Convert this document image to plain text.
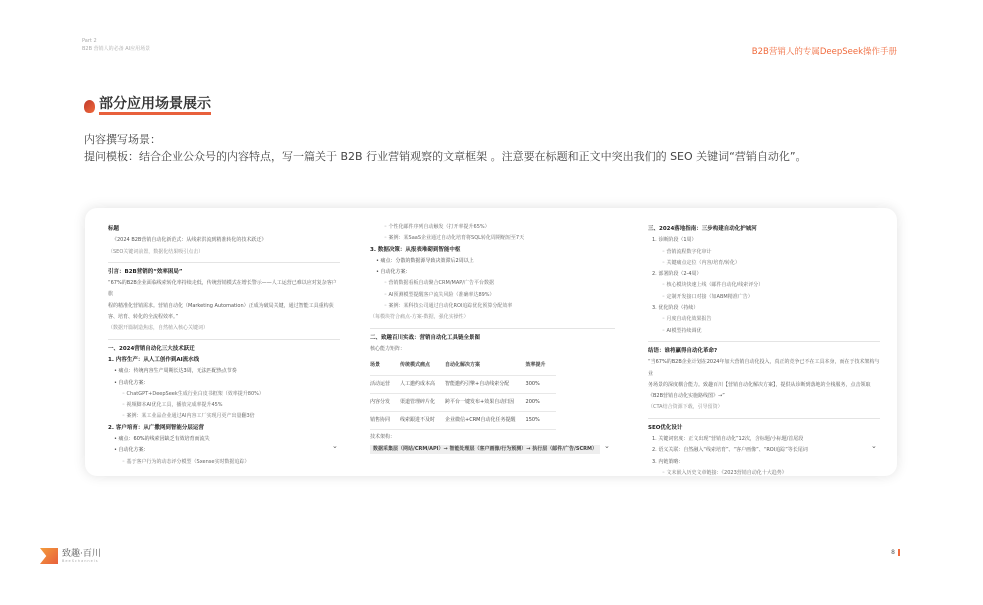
Part 2
B2B 营销人的必备 AI应用场景	B2B营销人的专属DeepSeek操作手册
部分应用场景展示
内容撰写场景：
提问模板：结合企业公众号的内容特点，写一篇关于 B2B 行业营销观察的文章框架 。注意要在标题和正文中突出我们的 SEO 关键词“营销自动化”。
标题
《2024 B2B营销自动化新范式：从线索洪流到精准转化的技术跃迁》
（SEO关键词前置，数据化结果吸引点击）
引言：B2B营销的“效率困局”
“67%的B2B企业面临线索转化率持续走低，传统营销模式在增长警示——人工运营已难以应对复杂客户旅
程的精准化营销需求。营销自动化（Marketing Automation）正成为破局关键，通过智能工具重构获
客、培育、转化的全流程效率。”
（数据开篇制造焦虑，自然植入核心关键词）
一、2024营销自动化三大技术跃迁
1. 内容生产：从人工创作到AI流水线
• 痛点：传统内容生产周期长达3周，无法匹配热点节奏
• 自动化方案：
◦ ChatGPT+DeepSeek生成行业白皮书框架（效率提升80%）
◦ 视频脚本AI优化工具，播放完成率提升45%
◦ 案例：某工业品企业通过AI内容工厂实现月更产出量翻3倍
2. 客户培育：从广撒网到智能分层运营
• 痛点：60%的线索因缺乏有效培育而流失
• 自动化方案：
◦ 基于客户行为的动态评分模型（Sxense实时数据追踪）
◦ 个性化邮件序列自动触发（打开率提升65%）
◦ 案例：某SaaS企业通过自动化培育将SQL转化周期缩短至7天
3. 数据决策：从报表堆砌到智能中枢
• 痛点：分散的数据源导致决策滞后2周以上
• 自动化方案：
◦ 营销数据看板自动聚合CRM/MAP/广告平台数据
◦ AI预测模型提醒客户流失风险（准确率达89%）
◦ 案例：某科技公司通过自动化ROI追踪优化预算分配效率
（每模块符合痛点-方案-数据，强化实操性）
二、致趣百川实战：营销自动化工具链全景图
核心能力矩阵：
场景	传统模式痛点	自动化解决方案	效率提升
活动运营	人工邀约成本高	智能邀约引擎+自动线索分配	300%
内容分发	渠道管理碎片化	跨平台一键发布+效果自动归因	200%
销售协同	线索跟进不及时	企业微信+CRM自动化任务提醒	150%
技术架构：
数据采集层（网站/CRM/API）→ 智能处理层（客户画像/行为预测）→ 执行层（邮件/广告/SCRM）
三、2024落地指南：三步构建自动化护城河
1. 诊断阶段（1周）
◦ 营销流程数字化审计
◦ 关键痛点定位（内容/培育/转化）
2. 部署阶段（2-4周）
◦ 核心模块快速上线（邮件自动化/线索评分）
◦ 定制开发接口对接（如ABM精准广告）
3. 优化阶段（持续）
◦ 月度自动化效果报告
◦ AI模型持续调优
结语：谁将赢得自动化革命?
“当67%的B2B企业计划在2024年加大营销自动化投入，真正的竞争已不在工具本身，而在于技术架构与业
务场景的深度耦合能力。致趣百川【营销自动化解决方案】，提供从诊断到落地的全栈服务，点击领取
《B2B营销自动化实施路线图》→”
（CTA结合资源下载，引导留资）
SEO优化设计
1. 关键词密度：正文出现“营销自动化”12次，含标题/小标题/首尾段
2. 语义关联：自然融入“线索培育”、“客户画像”、“ROI追踪”等长尾词
3. 内链策略：
◦ 文末嵌入历史文章链接：《2023营销自动化十大趋势》
⌄	⌄	⌄
致趣·百川
BeeSchannels
8
